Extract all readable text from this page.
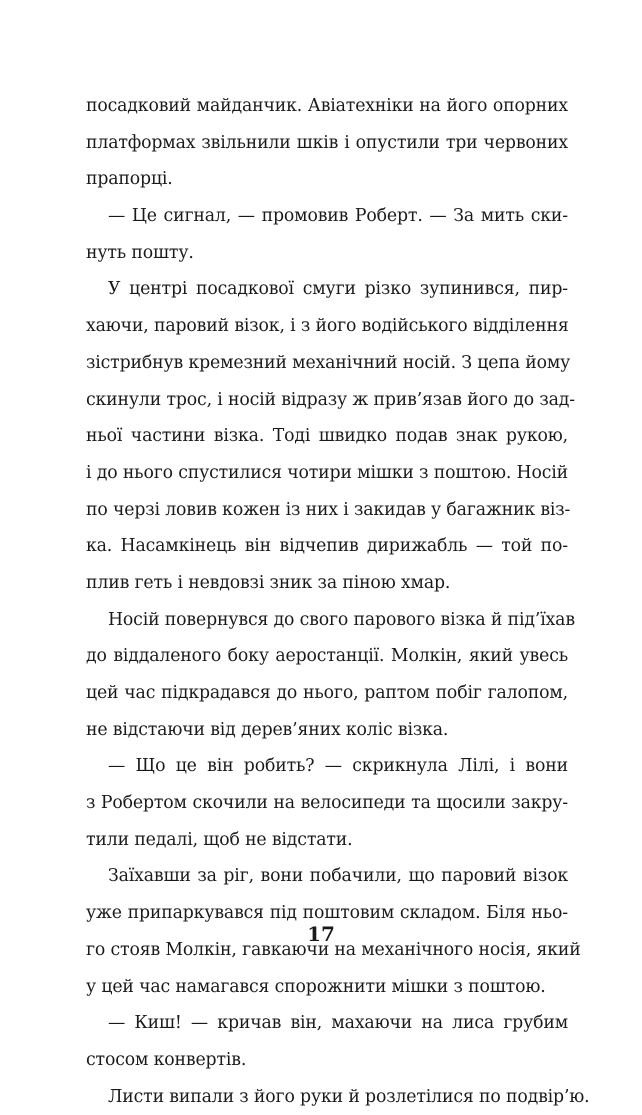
посадковий майданчик. Авіатехніки на його опорних
платформах звільнили шків і опустили три червоних
прапорці.
— Це сигнал, — промовив Роберт. — За мить ски-
нуть пошту.
У центрі посадкової смуги різко зупинився, пир-
хаючи, паровий візок, і з його водійського відділення
зістрибнув кремезний механічний носій. З цепа йому
скинули трос, і носій відразу ж прив’язав його до зад-
ньої частини візка. Тоді швидко подав знак рукою,
і до нього спустилися чотири мішки з поштою. Носій
по черзі ловив кожен із них і закидав у багажник віз-
ка. Насамкінець він відчепив дирижабль — той по-
плив геть і невдовзі зник за піною хмар.
Носій повернувся до свого парового візка й під’їхав
до віддаленого боку аеростанції. Молкін, який увесь
цей час підкрадався до нього, раптом побіг галопом,
не відстаючи від дерев’яних коліс візка.
— Що це він робить? — скрикнула Лілі, і вони
з Робертом скочили на велосипеди та щосили закру-
тили педалі, щоб не відстати.
Заїхавши за ріг, вони побачили, що паровий візок
уже припаркувався під поштовим складом. Біля ньо-
го стояв Молкін, гавкаючи на механічного носія, який
у цей час намагався спорожнити мішки з поштою.
— Киш! — кричав він, махаючи на лиса грубим
стосом конвертів.
Листи випали з його руки й розлетілися по подвір’ю.
17
